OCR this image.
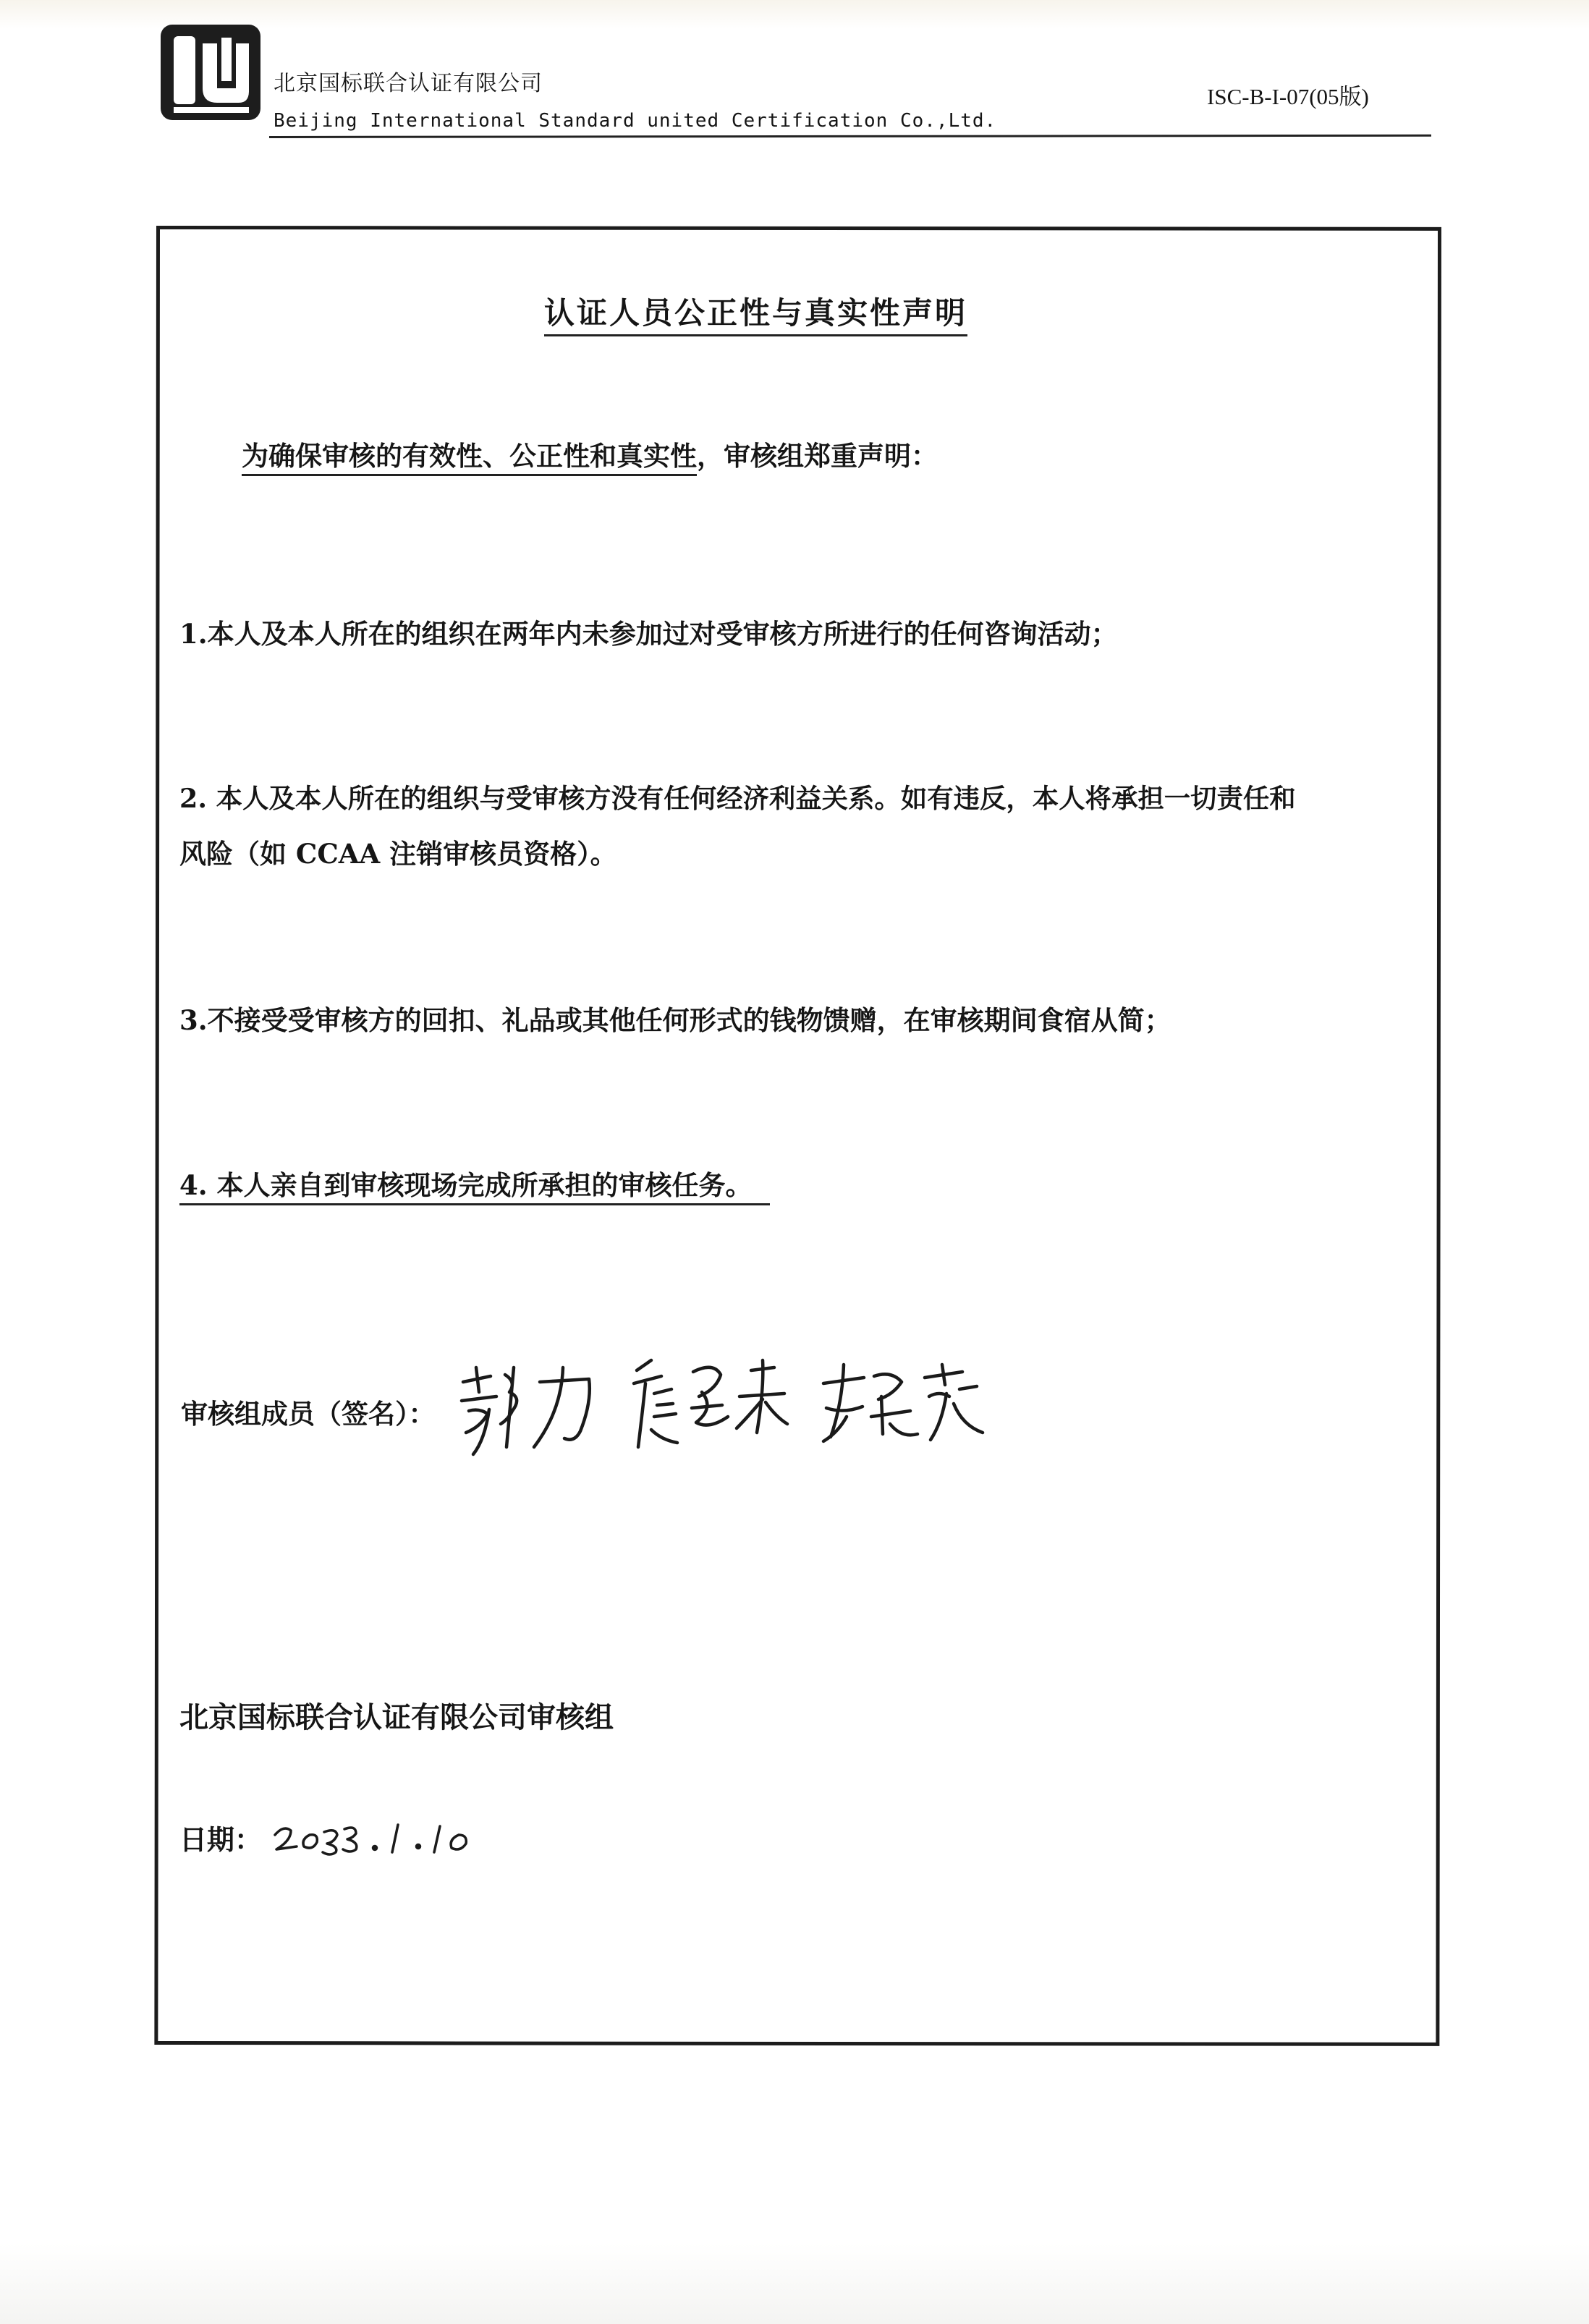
北京国标联合认证有限公司
Beijing International Standard united Certification Co.,Ltd.
ISC-B-I-07(05版)
认证人员公正性与真实性声明
为确保审核的有效性、公正性和真实性，审核组郑重声明：
1.本人及本人所在的组织在两年内未参加过对受审核方所进行的任何咨询活动；
2. 本人及本人所在的组织与受审核方没有任何经济利益关系。如有违反，本人将承担一切责任和
风险（如 CCAA 注销审核员资格）。
3.不接受受审核方的回扣、礼品或其他任何形式的钱物馈赠，在审核期间食宿从简；
4. 本人亲自到审核现场完成所承担的审核任务。
审核组成员（签名）：
北京国标联合认证有限公司审核组
日期：
